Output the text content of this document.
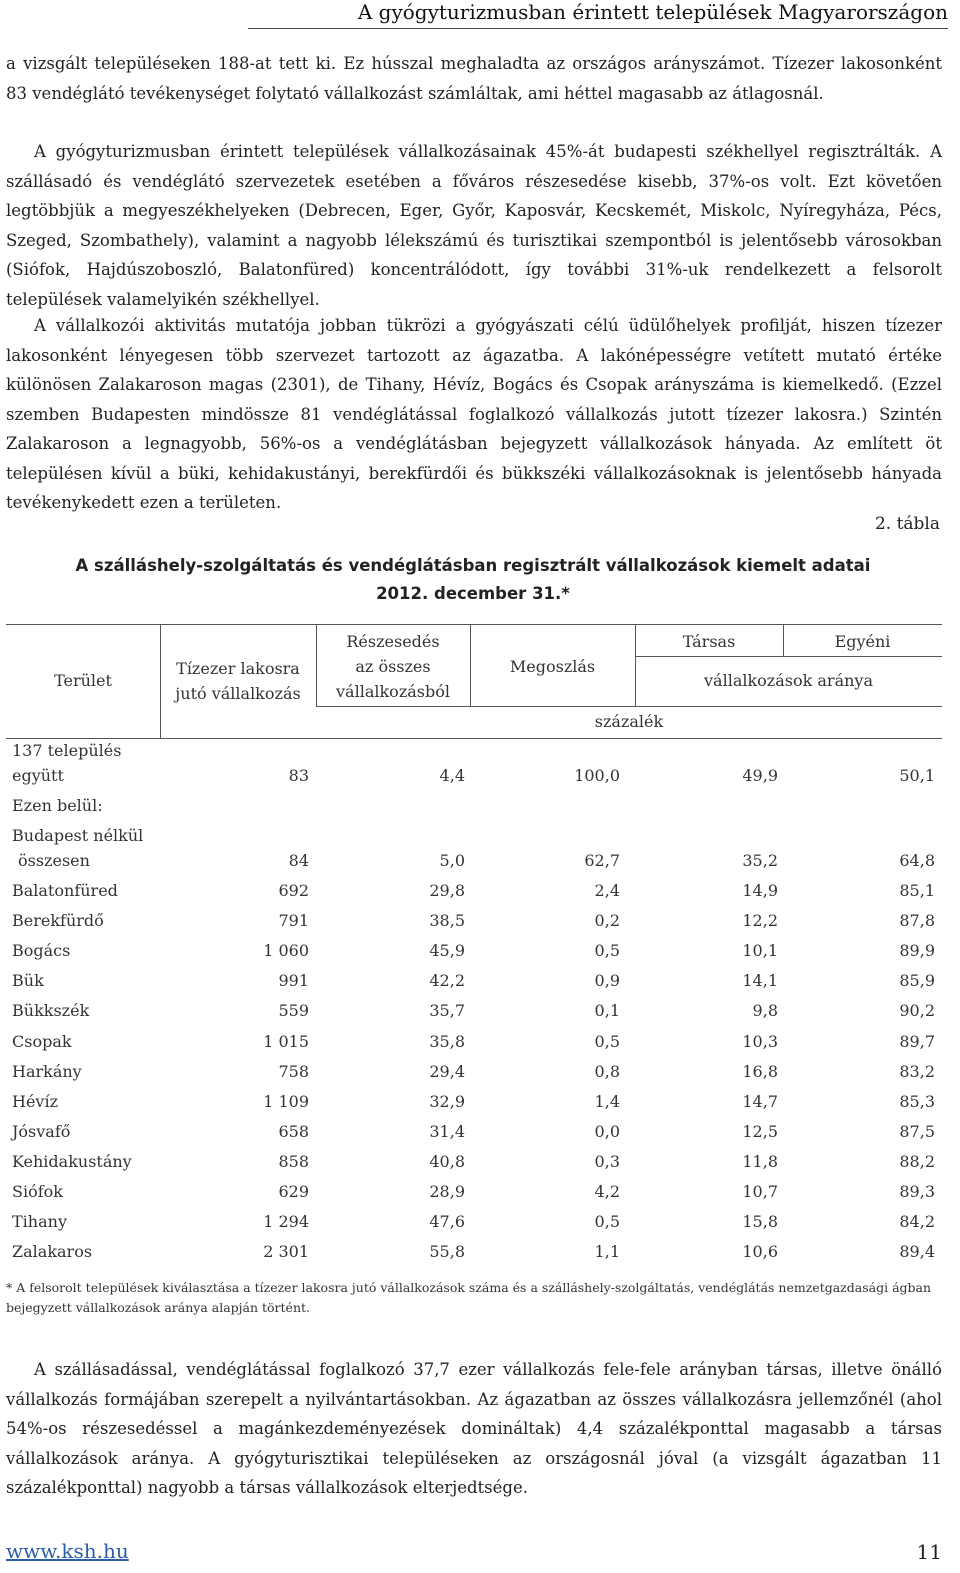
A gyógyturizmusban érintett települések Magyarországon

a vizsgált településeken 188-at tett ki. Ez hússzal meghaladta az országos arányszámot. Tízezer lakosonként 83 vendéglátó tevékenységet folytató vállalkozást számláltak, ami héttel magasabb az átlagosnál.

A gyógyturizmusban érintett települések vállalkozásainak 45%-át budapesti székhellyel regisztrálták. A szállásadó és vendéglátó szervezetek esetében a főváros részesedése kisebb, 37%-os volt. Ezt követően legtöbbjük a megyeszékhelyeken (Debrecen, Eger, Győr, Kaposvár, Kecskemét, Miskolc, Nyíregyháza, Pécs, Szeged, Szombathely), valamint a nagyobb lélekszámú és turisztikai szempontból is jelentősebb városokban (Siófok, Hajdúszoboszló, Balatonfüred) koncentrálódott, így további 31%-uk rendelkezett a felsorolt települések valamelyikén székhellyel.

A vállalkozói aktivitás mutatója jobban tükrözi a gyógyászati célú üdülőhelyek profilját, hiszen tízezer lakosonként lényegesen több szervezet tartozott az ágazatba. A lakónépességre vetített mutató értéke különösen Zalakaroson magas (2301), de Tihany, Hévíz, Bogács és Csopak arányszáma is kiemelkedő. (Ezzel szemben Budapesten mindössze 81 vendéglátással foglalkozó vállalkozás jutott tízezer lakosra.) Szintén Zalakaroson a legnagyobb, 56%-os a vendéglátásban bejegyzett vállalkozások hányada. Az említett öt településen kívül a büki, kehidakustányi, berekfürdői és bükkszéki vállalkozásoknak is jelentősebb hányada tevékenykedett ezen a területen.

2. tábla
A szálláshely-szolgáltatás és vendéglátásban regisztrált vállalkozások kiemelt adatai
2012. december 31.*
Terület
Tízezer lakosra
jutó vállalkozás
Részesedés
az összes
vállalkozásból
Megoszlás
Társas	Egyéni
vállalkozások aránya
százalék
137 település
együtt	83	4,4	100,0	49,9	50,1
Ezen belül:
Budapest nélkül
összesen	84	5,0	62,7	35,2	64,8
Balatonfüred	692	29,8	2,4	14,9	85,1
Berekfürdő	791	38,5	0,2	12,2	87,8
Bogács	1 060	45,9	0,5	10,1	89,9
Bük	991	42,2	0,9	14,1	85,9
Bükkszék	559	35,7	0,1	9,8	90,2
Csopak	1 015	35,8	0,5	10,3	89,7
Harkány	758	29,4	0,8	16,8	83,2
Hévíz	1 109	32,9	1,4	14,7	85,3
Jósvafő	658	31,4	0,0	12,5	87,5
Kehidakustány	858	40,8	0,3	11,8	88,2
Siófok	629	28,9	4,2	10,7	89,3
Tihany	1 294	47,6	0,5	15,8	84,2
Zalakaros	2 301	55,8	1,1	10,6	89,4

* A felsorolt települések kiválasztása a tízezer lakosra jutó vállalkozások száma és a szálláshely-szolgáltatás, vendéglátás nemzetgazdasági ágban bejegyzett vállalkozások aránya alapján történt.

A szállásadással, vendéglátással foglalkozó 37,7 ezer vállalkozás fele-fele arányban társas, illetve önálló vállalkozás formájában szerepelt a nyilvántartásokban. Az ágazatban az összes vállalkozásra jellemzőnél (ahol 54%-os részesedéssel a magánkezdeményezések domináltak) 4,4 százalékponttal magasabb a társas vállalkozások aránya. A gyógyturisztikai településeken az országosnál jóval (a vizsgált ágazatban 11 százalékponttal) nagyobb a társas vállalkozások elterjedtsége.

www.ksh.hu	11
